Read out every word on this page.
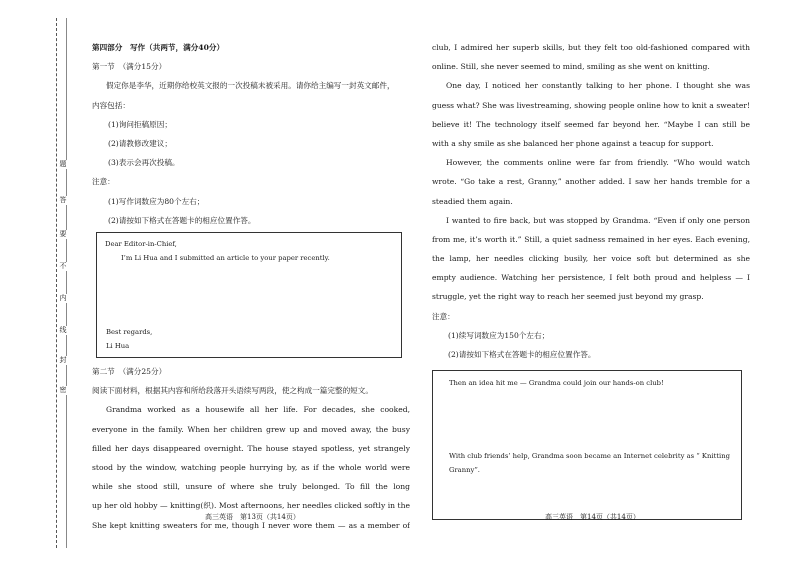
题
答
要
不
内
线
封
密
第四部分　写作（共两节，满分40分）
第一节　（满分15分）
假定你是李华，近期你给校英文报的一次投稿未被采用。请你给主编写一封英文邮件，
内容包括：
(1)询问拒稿原因；
(2)请教修改建议；
(3)表示会再次投稿。
注意：
(1)写作词数应为80个左右；
(2)请按如下格式在答题卡的相应位置作答。
Dear Editor-in-Chief,
I’m Li Hua and I submitted an article to your paper recently.
Best regards,
Li Hua
第二节　（满分25分）
阅读下面材料，根据其内容和所给段落开头语续写两段，使之构成一篇完整的短文。
Grandma worked as a housewife all her life. For decades, she cooked,
everyone in the family. When her children grew up and moved away, the busy
filled her days disappeared overnight. The house stayed spotless, yet strangely
stood by the window, watching people hurrying by, as if the whole world were
while she stood still, unsure of where she truly belonged. To fill the long
up her old hobby — knitting(织). Most afternoons, her needles clicked softly in the
She kept knitting sweaters for me, though I never wore them — as a member of
高三英语　第13页（共14页）
club, I admired her superb skills, but they felt too old-fashioned compared with
online. Still, she never seemed to mind, smiling as she went on knitting.
One day, I noticed her constantly talking to her phone. I thought she was
guess what? She was livestreaming, showing people online how to knit a sweater!
believe it! The technology itself seemed far beyond her. “Maybe I can still be
with a shy smile as she balanced her phone against a teacup for support.
However, the comments online were far from friendly. “Who would watch
wrote. “Go take a rest, Granny,” another added. I saw her hands tremble for a
steadied them again.
I wanted to fire back, but was stopped by Grandma. “Even if only one person
from me, it’s worth it.” Still, a quiet sadness remained in her eyes. Each evening,
the lamp, her needles clicking busily, her voice soft but determined as she
empty audience. Watching her persistence, I felt both proud and helpless — I
struggle, yet the right way to reach her seemed just beyond my grasp.
注意：
(1)续写词数应为150个左右；
(2)请按如下格式在答题卡的相应位置作答。
Then an idea hit me — Grandma could join our hands-on club!
With club friends’ help, Grandma soon became an Internet celebrity as “ Knitting Granny”.
高三英语　第14页（共14页）
